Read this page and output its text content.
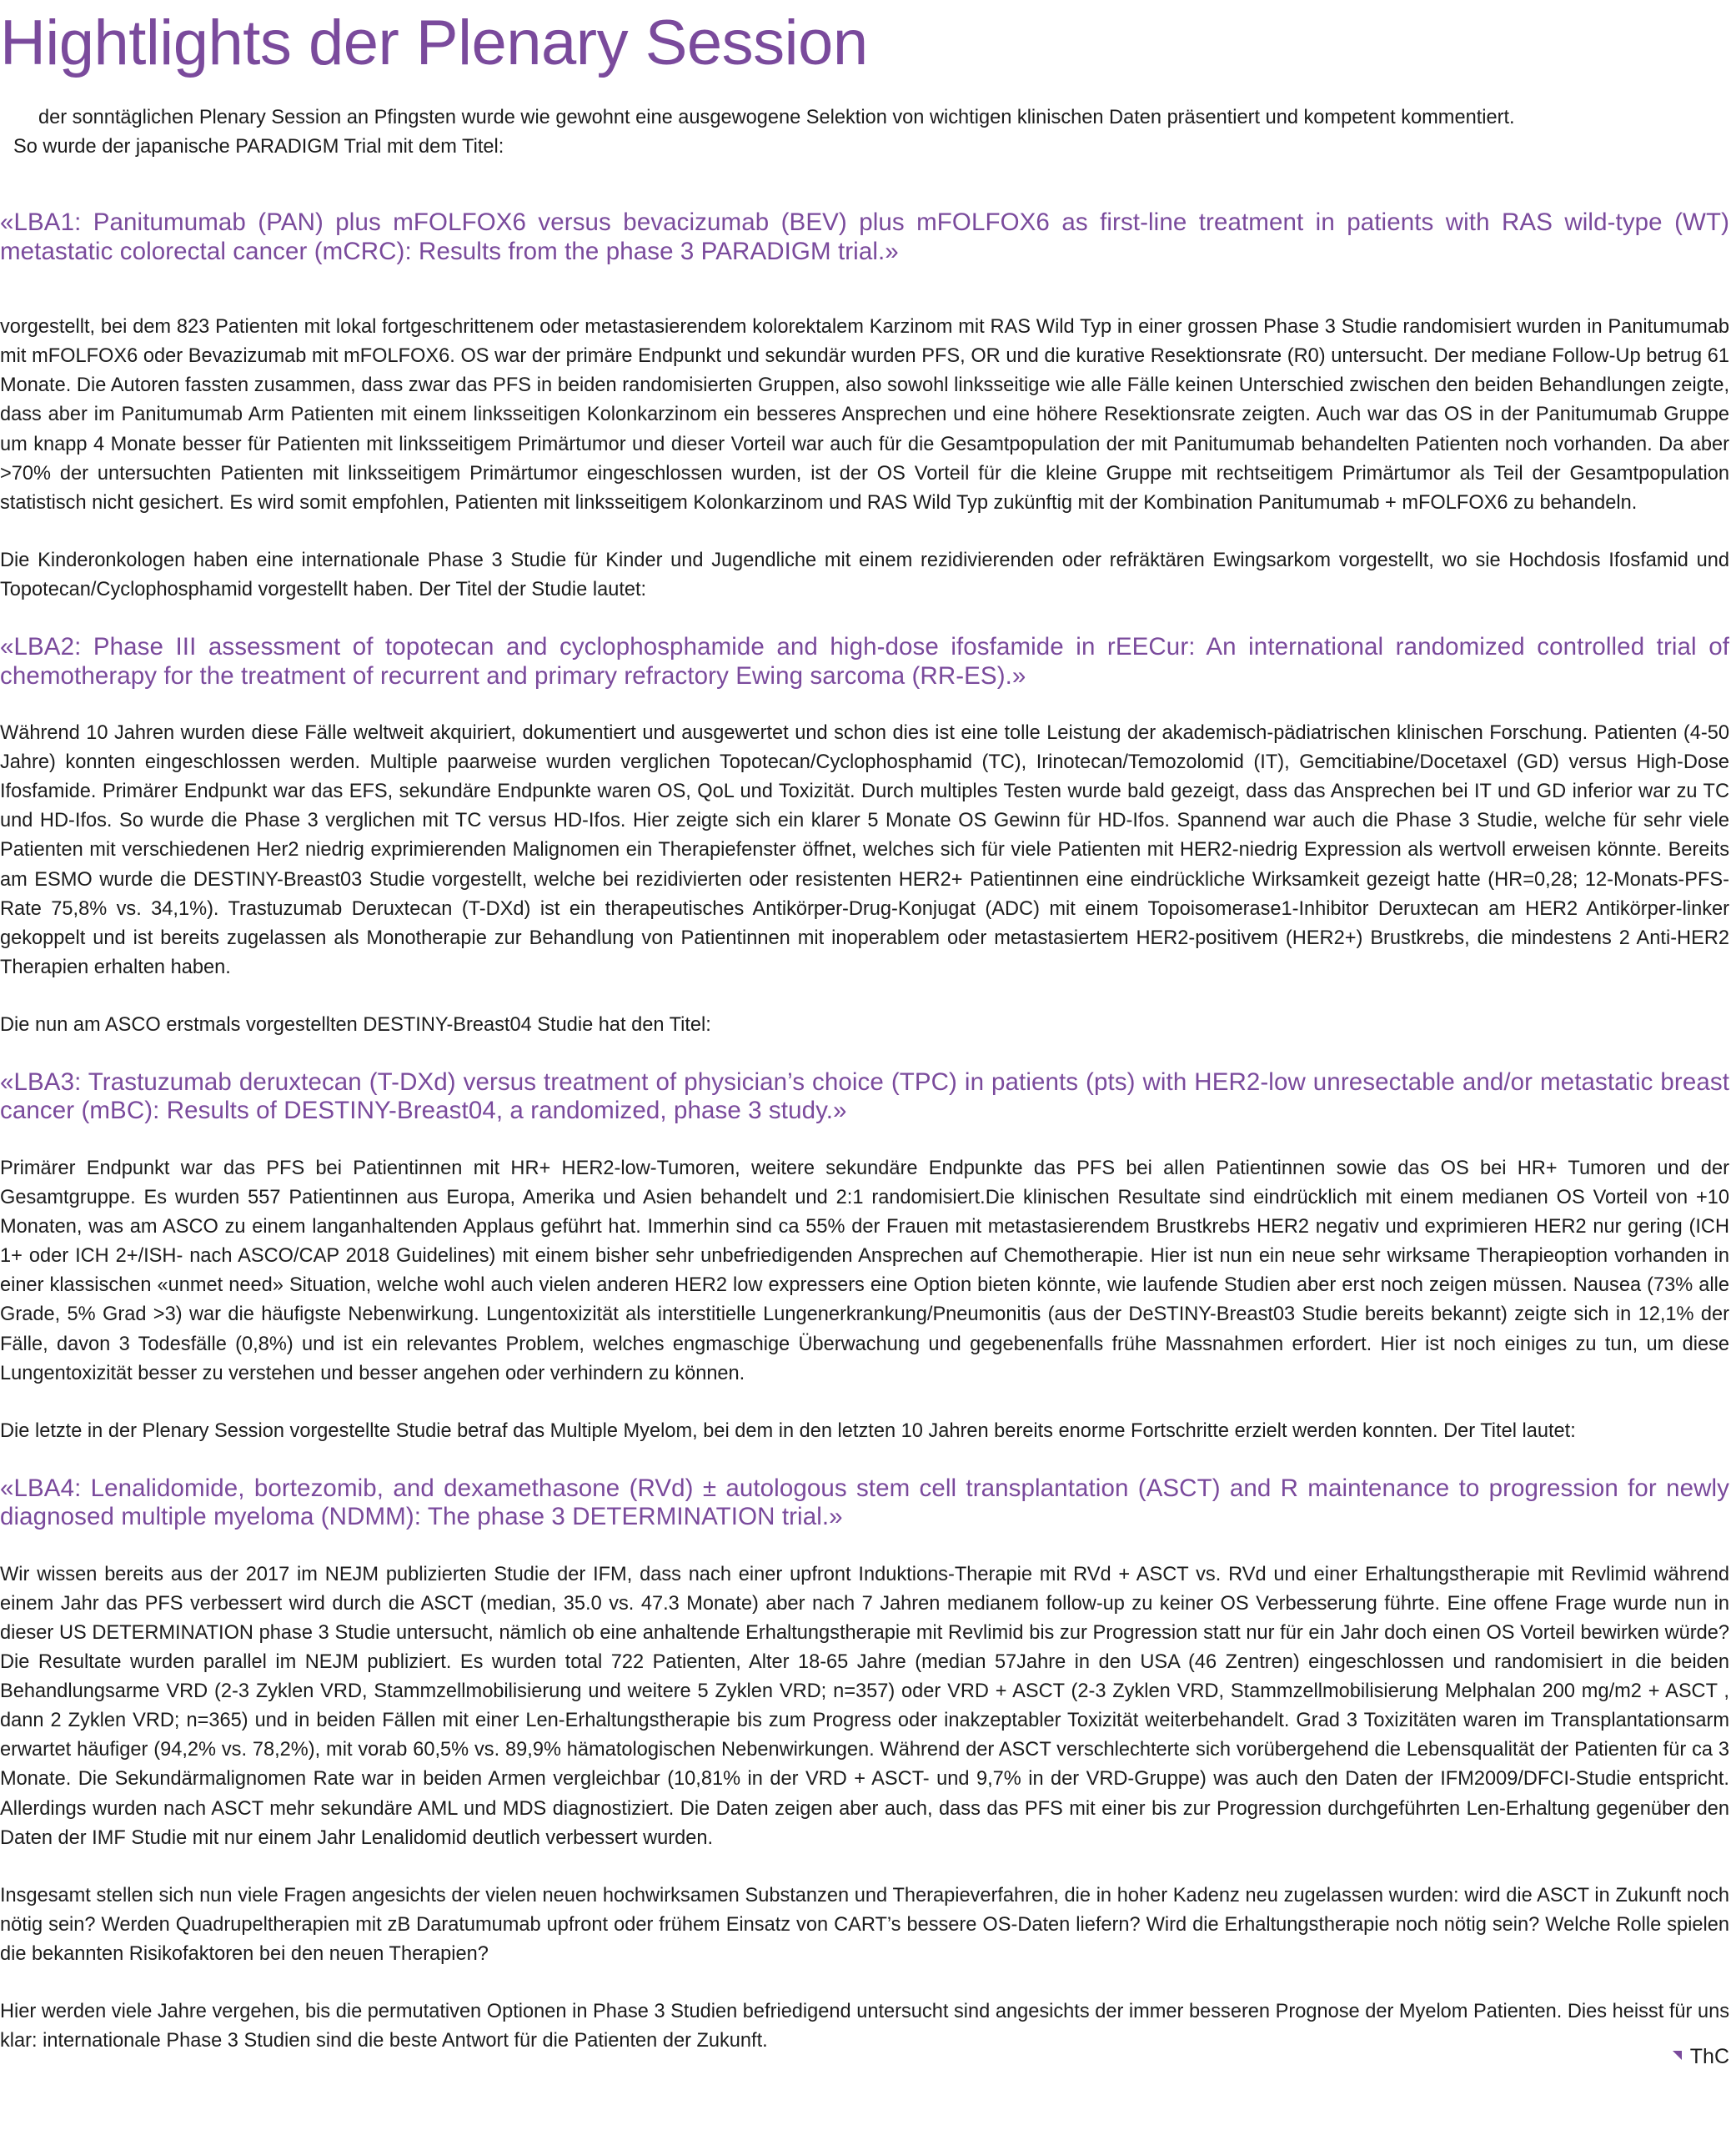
Hightlights der Plenary Session

der sonntäglichen Plenary Session an Pfingsten wurde wie gewohnt eine ausgewogene Selektion von wichtigen klinischen Daten präsentiert und kompetent kommentiert.

So wurde der japanische PARADIGM Trial mit dem Titel:

«LBA1: Panitumumab (PAN) plus mFOLFOX6 versus bevacizumab (BEV) plus mFOLFOX6 as first-line treatment in patients with RAS wild-type (WT) metastatic colorectal cancer (mCRC): Results from the phase 3 PARADIGM trial.»

vorgestellt, bei dem 823 Patienten mit lokal fortgeschrittenem oder metastasierendem kolorektalem Karzinom mit RAS Wild Typ in einer grossen Phase 3 Studie randomisiert wurden in Panitumumab mit mFOLFOX6 oder Bevazizumab mit mFOLFOX6. OS war der primäre Endpunkt und sekundär wurden PFS, OR und die kurative Resektionsrate (R0) untersucht. Der mediane Follow-Up betrug 61 Monate. Die Autoren fassten zusammen, dass zwar das PFS in beiden randomisierten Gruppen, also sowohl linksseitige wie alle Fälle keinen Unterschied zwischen den beiden Behandlungen zeigte, dass aber im Panitumumab Arm Patienten mit einem linksseitigen Kolonkarzinom ein besseres Ansprechen und eine höhere Resektionsrate zeigten. Auch war das OS in der Panitumumab Gruppe um knapp 4 Monate besser für Patienten mit linksseitigem Primärtumor und dieser Vorteil war auch für die Gesamtpopulation der mit Panitumumab behandelten Patienten noch vorhanden. Da aber >70% der untersuchten Patienten mit linksseitigem Primärtumor eingeschlossen wurden, ist der OS Vorteil für die kleine Gruppe mit rechtseitigem Primärtumor als Teil der Gesamtpopulation statistisch nicht gesichert. Es wird somit empfohlen, Patienten mit linksseitigem Kolonkarzinom und RAS Wild Typ zukünftig mit der Kombination Panitumumab + mFOLFOX6 zu behandeln.

Die Kinderonkologen haben eine internationale Phase 3 Studie für Kinder und Jugendliche mit einem rezidivierenden oder refräktären Ewingsarkom vorgestellt, wo sie Hochdosis Ifosfamid und Topotecan/Cyclophosphamid vorgestellt haben. Der Titel der Studie lautet:

«LBA2: Phase III assessment of topotecan and cyclophosphamide and high-dose ifosfamide in rEECur: An international randomized controlled trial of chemotherapy for the treatment of recurrent and primary refractory Ewing sarcoma (RR-ES).»

Während 10 Jahren wurden diese Fälle weltweit akquiriert, dokumentiert und ausgewertet und schon dies ist eine tolle Leistung der akademisch-pädiatrischen klinischen Forschung. Patienten (4-50 Jahre) konnten eingeschlossen werden. Multiple paarweise wurden verglichen Topotecan/Cyclophosphamid (TC), Irinotecan/Temozolomid (IT), Gemcitiabine/Docetaxel (GD) versus High-Dose Ifosfamide. Primärer Endpunkt war das EFS, sekundäre Endpunkte waren OS, QoL und Toxizität. Durch multiples Testen wurde bald gezeigt, dass das Ansprechen bei IT und GD inferior war zu TC und HD-Ifos. So wurde die Phase 3 verglichen mit TC versus HD-Ifos. Hier zeigte sich ein klarer 5 Monate OS Gewinn für HD-Ifos. Spannend war auch die Phase 3 Studie, welche für sehr viele Patienten mit verschiedenen Her2 niedrig exprimierenden Malignomen ein Therapiefenster öffnet, welches sich für viele Patienten mit HER2-niedrig Expression als wertvoll erweisen könnte. Bereits am ESMO wurde die DESTINY-Breast03 Studie vorgestellt, welche bei rezidivierten oder resistenten HER2+ Patientinnen eine eindrückliche Wirksamkeit gezeigt hatte (HR=0,28; 12-Monats-PFS-Rate 75,8% vs. 34,1%). Trastuzumab Deruxtecan (T-DXd) ist ein therapeutisches Antikörper-Drug-Konjugat (ADC) mit einem Topoisomerase1-Inhibitor Deruxtecan am HER2 Antikörper-linker gekoppelt und ist bereits zugelassen als Monotherapie zur Behandlung von Patientinnen mit inoperablem oder metastasiertem HER2-positivem (HER2+) Brustkrebs, die mindestens 2 Anti-HER2 Therapien erhalten haben.

Die nun am ASCO erstmals vorgestellten DESTINY-Breast04 Studie hat den Titel:

«LBA3: Trastuzumab deruxtecan (T-DXd) versus treatment of physician’s choice (TPC) in patients (pts) with HER2-low unresectable and/or metastatic breast cancer (mBC): Results of DESTINY-Breast04, a randomized, phase 3 study.»

Primärer Endpunkt war das PFS bei Patientinnen mit HR+ HER2-low-Tumoren, weitere sekundäre Endpunkte das PFS bei allen Patientinnen sowie das OS bei HR+ Tumoren und der Gesamtgruppe. Es wurden 557 Patientinnen aus Europa, Amerika und Asien behandelt und 2:1 randomisiert.Die klinischen Resultate sind eindrücklich mit einem medianen OS Vorteil von +10 Monaten, was am ASCO zu einem langanhaltenden Applaus geführt hat. Immerhin sind ca 55% der Frauen mit metastasierendem Brustkrebs HER2 negativ und exprimieren HER2 nur gering (ICH 1+ oder ICH 2+/ISH- nach ASCO/CAP 2018 Guidelines) mit einem bisher sehr unbefriedigenden Ansprechen auf Chemotherapie. Hier ist nun ein neue sehr wirksame Therapieoption vorhanden in einer klassischen «unmet need» Situation, welche wohl auch vielen anderen HER2 low expressers eine Option bieten könnte, wie laufende Studien aber erst noch zeigen müssen. Nausea (73% alle Grade, 5% Grad >3) war die häufigste Nebenwirkung. Lungentoxizität als interstitielle Lungenerkrankung/Pneumonitis (aus der DeSTINY-Breast03 Studie bereits bekannt) zeigte sich in 12,1% der Fälle, davon 3 Todesfälle (0,8%) und ist ein relevantes Problem, welches engmaschige Überwachung und gegebenenfalls frühe Massnahmen erfordert. Hier ist noch einiges zu tun, um diese Lungentoxizität besser zu verstehen und besser angehen oder verhindern zu können.

Die letzte in der Plenary Session vorgestellte Studie betraf das Multiple Myelom, bei dem in den letzten 10 Jahren bereits enorme Fortschritte erzielt werden konnten. Der Titel lautet:

«LBA4: Lenalidomide, bortezomib, and dexamethasone (RVd) ± autologous stem cell transplantation (ASCT) and R maintenance to progression for newly diagnosed multiple myeloma (NDMM): The phase 3 DETERMINATION trial.»

Wir wissen bereits aus der 2017 im NEJM publizierten Studie der IFM, dass nach einer upfront Induktions-Therapie mit RVd + ASCT vs. RVd und einer Erhaltungstherapie mit Revlimid während einem Jahr das PFS verbessert wird durch die ASCT (median, 35.0 vs. 47.3 Monate) aber nach 7 Jahren medianem follow-up zu keiner OS Verbesserung führte. Eine offene Frage wurde nun in dieser US DETERMINATION phase 3 Studie untersucht, nämlich ob eine anhaltende Erhaltungstherapie mit Revlimid bis zur Progression statt nur für ein Jahr doch einen OS Vorteil bewirken würde? Die Resultate wurden parallel im NEJM publiziert. Es wurden total 722 Patienten, Alter 18-65 Jahre (median 57Jahre in den USA (46 Zentren) eingeschlossen und randomisiert in die beiden Behandlungsarme VRD (2-3 Zyklen VRD, Stammzellmobilisierung und weitere 5 Zyklen VRD; n=357) oder VRD + ASCT (2-3 Zyklen VRD, Stammzellmobilisierung Melphalan 200 mg/m2 + ASCT , dann 2 Zyklen VRD; n=365) und in beiden Fällen mit einer Len-Erhaltungstherapie bis zum Progress oder inakzeptabler Toxizität weiterbehandelt. Grad 3 Toxizitäten waren im Transplantationsarm erwartet häufiger (94,2% vs. 78,2%), mit vorab 60,5% vs. 89,9% hämatologischen Nebenwirkungen. Während der ASCT verschlechterte sich vorübergehend die Lebensqualität der Patienten für ca 3 Monate. Die Sekundärmalignomen Rate war in beiden Armen vergleichbar (10,81% in der VRD + ASCT- und 9,7% in der VRD-Gruppe) was auch den Daten der IFM2009/DFCI-Studie entspricht. Allerdings wurden nach ASCT mehr sekundäre AML und MDS diagnostiziert. Die Daten zeigen aber auch, dass das PFS mit einer bis zur Progression durchgeführten Len-Erhaltung gegenüber den Daten der IMF Studie mit nur einem Jahr Lenalidomid deutlich verbessert wurden.

Insgesamt stellen sich nun viele Fragen angesichts der vielen neuen hochwirksamen Substanzen und Therapieverfahren, die in hoher Kadenz neu zugelassen wurden: wird die ASCT in Zukunft noch nötig sein? Werden Quadrupeltherapien mit zB Daratumumab upfront oder frühem Einsatz von CART’s bessere OS-Daten liefern? Wird die Erhaltungstherapie noch nötig sein? Welche Rolle spielen die bekannten Risikofaktoren bei den neuen Therapien?

Hier werden viele Jahre vergehen, bis die permutativen Optionen in Phase 3 Studien befriedigend untersucht sind angesichts der immer besseren Prognose der Myelom Patienten. Dies heisst für uns klar: internationale Phase 3 Studien sind die beste Antwort für die Patienten der Zukunft.

ThC
